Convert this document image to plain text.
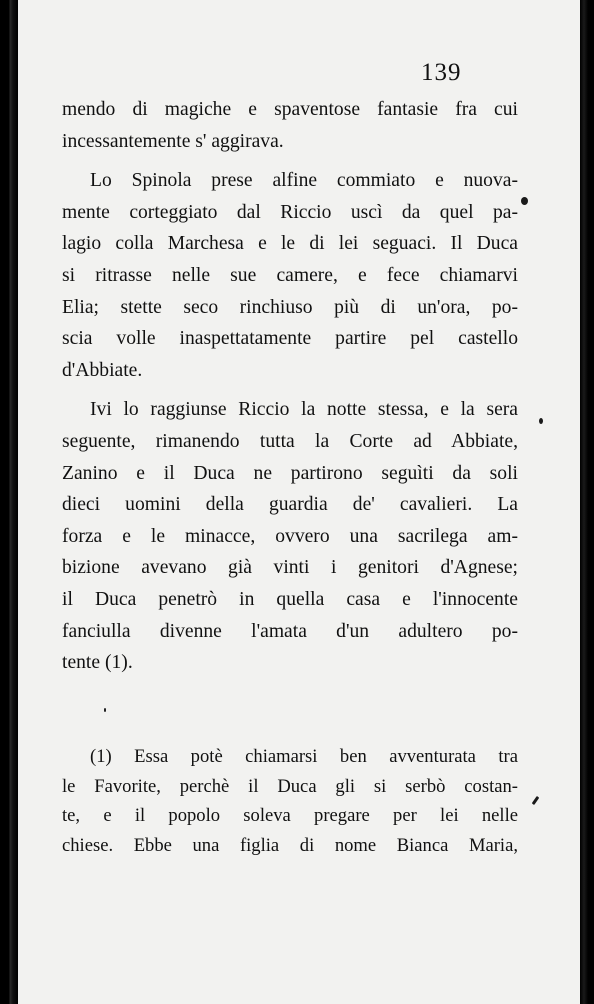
139
mendo di magiche e spaventose fantasie fra cui
incessantemente s' aggirava.
Lo Spinola prese alfine commiato e nuova-
mente corteggiato dal Riccio uscì da quel pa-
lagio colla Marchesa e le di lei seguaci. Il Duca
si ritrasse nelle sue camere, e fece chiamarvi
Elia; stette seco rinchiuso più di un'ora, po-
scia volle inaspettatamente partire pel castello
d'Abbiate.
Ivi lo raggiunse Riccio la notte stessa, e la sera
seguente, rimanendo tutta la Corte ad Abbiate,
Zanino e il Duca ne partirono seguìti da soli
dieci uomini della guardia de' cavalieri. La
forza e le minacce, ovvero una sacrilega am-
bizione avevano già vinti i genitori d'Agnese;
il Duca penetrò in quella casa e l'innocente
fanciulla divenne l'amata d'un adultero po-
tente (1).
(1) Essa potè chiamarsi ben avventurata tra
le Favorite, perchè il Duca gli si serbò costan-
te, e il popolo soleva pregare per lei nelle
chiese. Ebbe una figlia di nome Bianca Maria,
